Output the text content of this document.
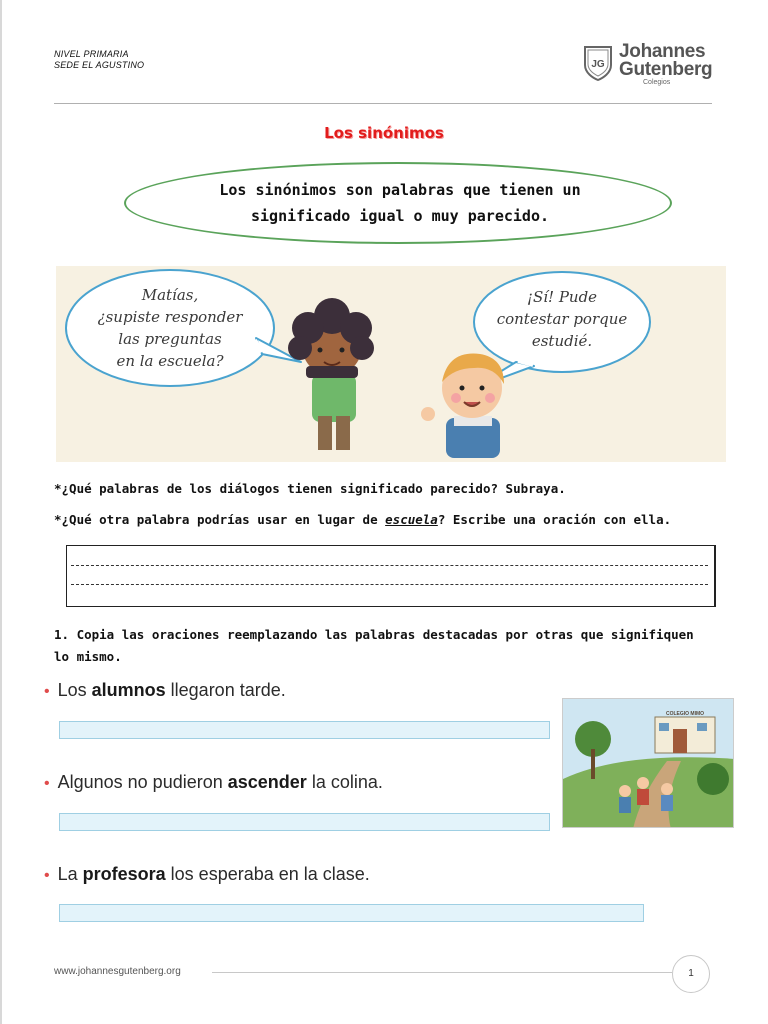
NIVEL PRIMARIA
SEDE EL AGUSTINO	JG
Johannes
Gutenberg
Colegios
Los sinónimos
Los sinónimos son palabras que tienen un
significado igual o muy parecido.
Matías,
¿supiste responder
las preguntas
en la escuela?
¡Sí! Pude
contestar porque
estudié.
*¿Qué palabras de los diálogos tienen significado parecido? Subraya.
*¿Qué otra palabra podrías usar en lugar de escuela? Escribe una oración con ella.
1. Copia las oraciones reemplazando las palabras destacadas por otras que signifiquen
lo mismo.
• Los alumnos llegaron tarde.
• Algunos no pudieron ascender la colina.
• La profesora los esperaba en la clase.
COLEGIO MIMO
www.johannesgutenberg.org	1
